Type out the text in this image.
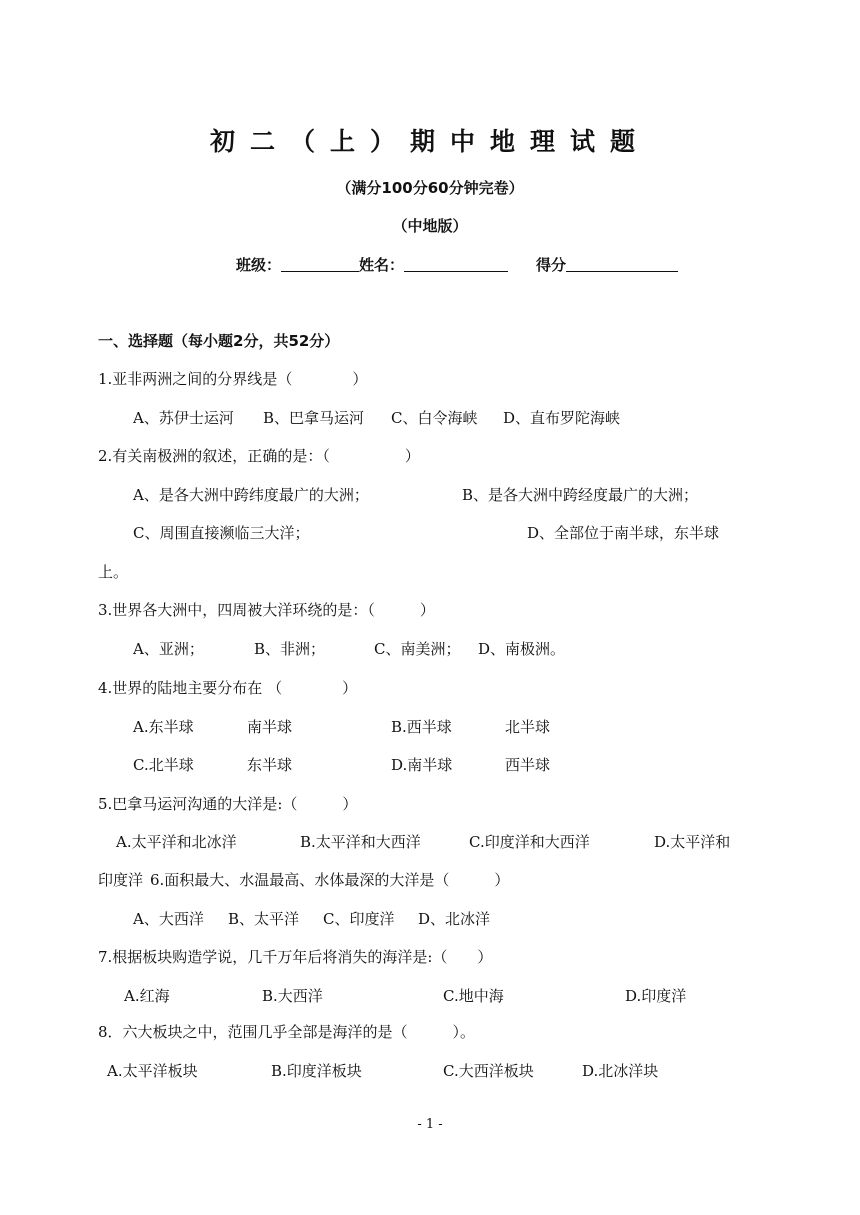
初二（上）期中地理试题
（满分100分60分钟完卷）
（中地版）
班级：	姓名：	得分
一、选择题（每小题2分，共52分）
1.亚非两洲之间的分界线是（　　　　）
A、苏伊士运河 B、巴拿马运河 C、白令海峡 D、直布罗陀海峡
2.有关南极洲的叙述，正确的是：（　　　　　）
A、是各大洲中跨纬度最广的大洲；	B、是各大洲中跨经度最广的大洲；
C、周围直接濒临三大洋；	D、全部位于南半球，东半球
上。
3.世界各大洲中，四周被大洋环绕的是：（　　　）
A、亚洲；	B、非洲；	C、南美洲； D、南极洲。
4.世界的陆地主要分布在 （　　　　）
A.东半球	南半球	B.西半球	北半球
C.北半球	东半球	D.南半球	西半球
5.巴拿马运河沟通的大洋是:（　　　）
A.太平洋和北冰洋	B.太平洋和大西洋	C.印度洋和大西洋	D.太平洋和
印度洋 6.面积最大、水温最高、水体最深的大洋是（　　　）
A、大西洋 B、太平洋 C、印度洋 D、北冰洋
7.根据板块购造学说，几千万年后将消失的海洋是:（　　）
A.红海	B.大西洋	C.地中海	D.印度洋
8．六大板块之中，范围几乎全部是海洋的是（　　　）。
A.太平洋板块	B.印度洋板块	C.大西洋板块	D.北冰洋块
- 1 -
